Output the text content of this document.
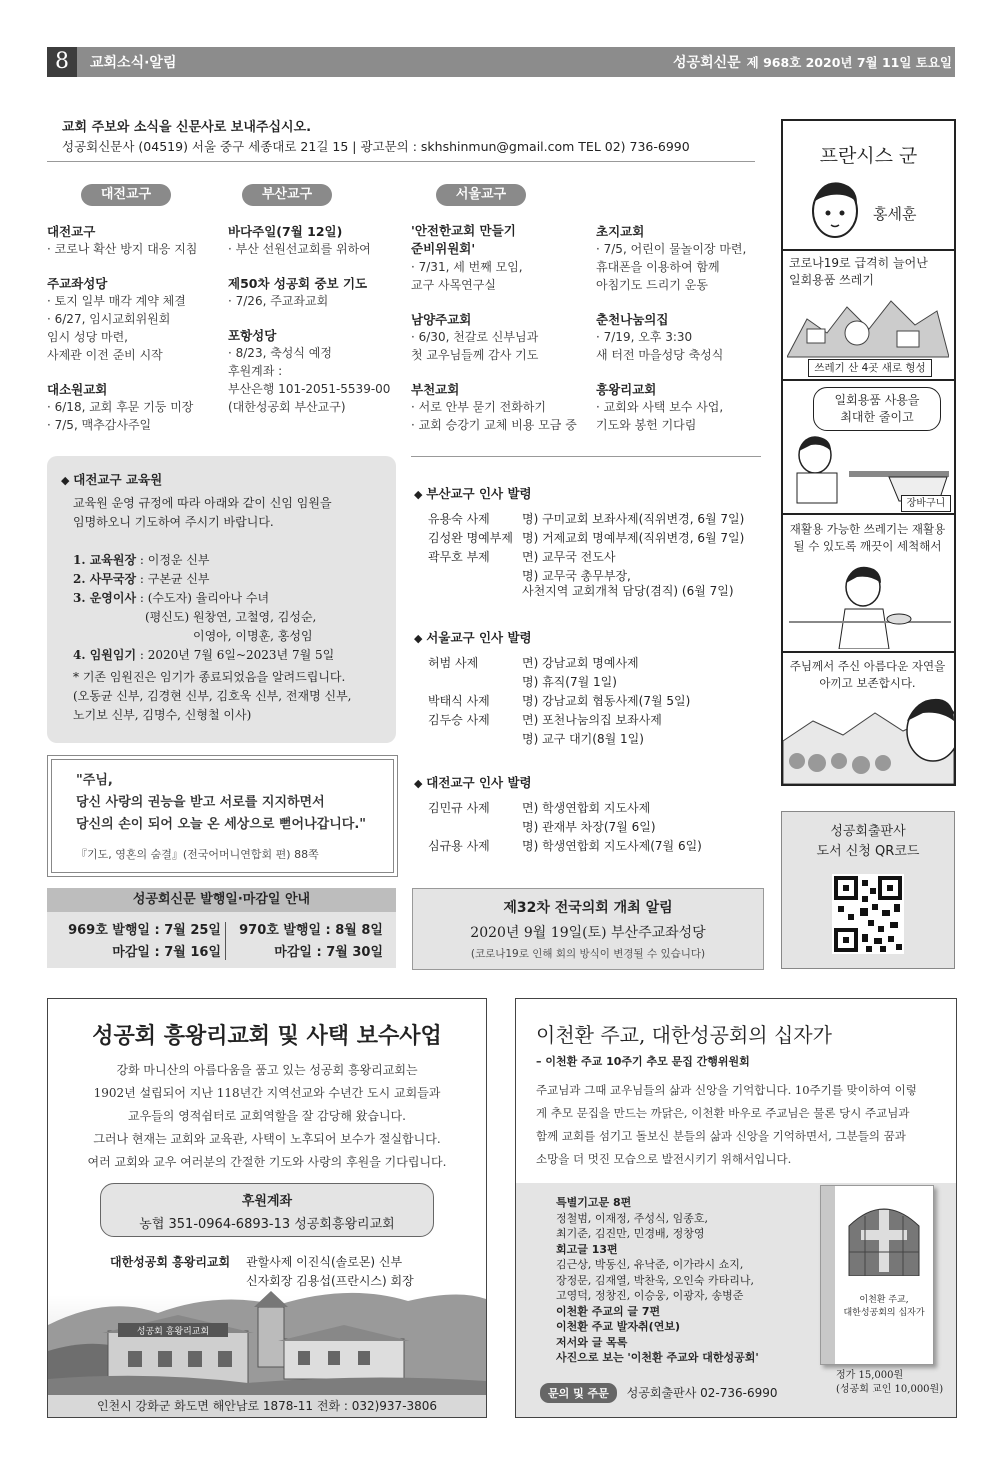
8	교회소식·알림	성공회신문 제 968호 2020년 7월 11일 토요일
교회 주보와 소식을 신문사로 보내주십시오.
성공회신문사 (04519) 서울 중구 세종대로 21길 15 | 광고문의 : skhshinmun@gmail.com TEL 02) 736-6990
대전교구	부산교구	서울교구
대전교구
· 코로나 확산 방지 대응 지침
주교좌성당
· 토지 일부 매각 계약 체결
· 6/27, 임시교회위원회
임시 성당 마련,
사제관 이전 준비 시작
대소원교회
· 6/18, 교회 후문 기둥 미장
· 7/5, 맥추감사주일
바다주일(7월 12일)
· 부산 선원선교회를 위하여
제50차 성공회 중보 기도
· 7/26, 주교좌교회
포항성당
· 8/23, 축성식 예정
후원계좌 :
부산은행 101-2051-5539-00
(대한성공회 부산교구)
'안전한교회 만들기
준비위원회'
· 7/31, 세 번째 모임,
교구 사목연구실
남양주교회
· 6/30, 천갈로 신부님과
첫 교우님들께 감사 기도
부천교회
· 서로 안부 묻기 전화하기
· 교회 승강기 교체 비용 모금 중
초지교회
· 7/5, 어린이 물놀이장 마련,
휴대폰을 이용하여 함께
아침기도 드리기 운동
춘천나눔의집
· 7/19, 오후 3:30
새 터전 마을성당 축성식
흥왕리교회
· 교회와 사택 보수 사업,
기도와 봉헌 기다림
◆ 대전교구 교육원
교육원 운영 규정에 따라 아래와 같이 신임 임원을
임명하오니 기도하여 주시기 바랍니다.
1. 교육원장 : 이정운 신부
2. 사무국장 : 구본균 신부
3. 운영이사 : (수도자) 율리아나 수녀
(평신도) 원창연, 고철영, 김성순,
이영아, 이명훈, 홍성임
4. 임원임기 : 2020년 7월 6일~2023년 7월 5일
* 기존 임원진은 임기가 종료되었음을 알려드립니다.
(오동균 신부, 김경현 신부, 김호욱 신부, 전재명 신부,
노기보 신부, 김명수, 신형철 이사)
"주님,
당신 사랑의 권능을 받고 서로를 지지하면서
당신의 손이 되어 오늘 온 세상으로 뻗어나갑니다."
『기도, 영혼의 숨결』(전국어머니연합회 편) 88쪽
성공회신문 발행일·마감일 안내
969호 발행일 : 7월 25일
마감일 : 7월 16일
970호 발행일 : 8월 8일
마감일 : 7월 30일
◆ 부산교구 인사 발령
유용숙 사제	명) 구미교회 보좌사제(직위변경, 6월 7일)
김성완 명예부제	명) 거제교회 명예부제(직위변경, 6월 7일)
곽무호 부제	면) 교무국 전도사
	명) 교무국 총무부장,
사천지역 교회개척 담당(겸직) (6월 7일)
◆ 서울교구 인사 발령
허범 사제	면) 강남교회 명예사제
	명) 휴직(7월 1일)
박태식 사제	명) 강남교회 협동사제(7월 5일)
김두승 사제	면) 포천나눔의집 보좌사제
	명) 교구 대기(8월 1일)
◆ 대전교구 인사 발령
김민규 사제	면) 학생연합회 지도사제
	명) 관재부 차장(7월 6일)
심규용 사제	명) 학생연합회 지도사제(7월 6일)
제32차 전국의회 개최 알림
2020년 9월 19일(토) 부산주교좌성당
(코로나19로 인해 회의 방식이 변경될 수 있습니다)
프란시스 군
홍세훈
코로나19로 급격히 늘어난
일회용품 쓰레기
쓰레기 산 4곳 새로 형성
일회용품 사용을
최대한 줄이고
장바구니
재활용 가능한 쓰레기는 재활용
될 수 있도록 깨끗이 세척해서
주님께서 주신 아름다운 자연을
아끼고 보존합시다.
성공회출판사
도서 신청 QR코드
성공회 흥왕리교회 및 사택 보수사업
강화 마니산의 아름다움을 품고 있는 성공회 흥왕리교회는
1902년 설립되어 지난 118년간 지역선교와 수년간 도시 교회들과
교우들의 영적쉼터로 교회역할을 잘 감당해 왔습니다.
그러나 현재는 교회와 교육관, 사택이 노후되어 보수가 절실합니다.
여러 교회와 교우 여러분의 간절한 기도와 사랑의 후원을 기다립니다.
후원계좌
농협 351-0964-6893-13 성공회흥왕리교회
대한성공회 흥왕리교회 관할사제 이진식(솔로몬) 신부
신자회장 김용섭(프란시스) 회장
성공회 흥왕리교회
인천시 강화군 화도면 해안남로 1878-11 전화 : 032)937-3806
이천환 주교, 대한성공회의 십자가
– 이천환 주교 10주기 추모 문집 간행위원회
주교님과 그때 교우님들의 삶과 신앙을 기억합니다. 10주기를 맞이하여 이렇
게 추모 문집을 만드는 까닭은, 이천환 바우로 주교님은 물론 당시 주교님과
함께 교회를 섬기고 돌보신 분들의 삶과 신앙을 기억하면서, 그분들의 꿈과
소망을 더 멋진 모습으로 발전시키기 위해서입니다.
특별기고문 8편
정철범, 이재정, 주성식, 임종호,
최기준, 김진만, 민경배, 정창영
회고글 13편
김근상, 박동신, 유낙준, 이가라시 쇼지,
장정문, 김재열, 박찬욱, 오인숙 카타리나,
고영덕, 정창진, 이승웅, 이광자, 송병준
이천환 주교의 글 7편
이천환 주교 발자취(연보)
저서와 글 목록
사진으로 보는 '이천환 주교와 대한성공회'
이천환 주교,
대한성공회의 십자가
정가 15,000원
(성공회 교인 10,000원)
문의 및 주문 성공회출판사 02-736-6990
